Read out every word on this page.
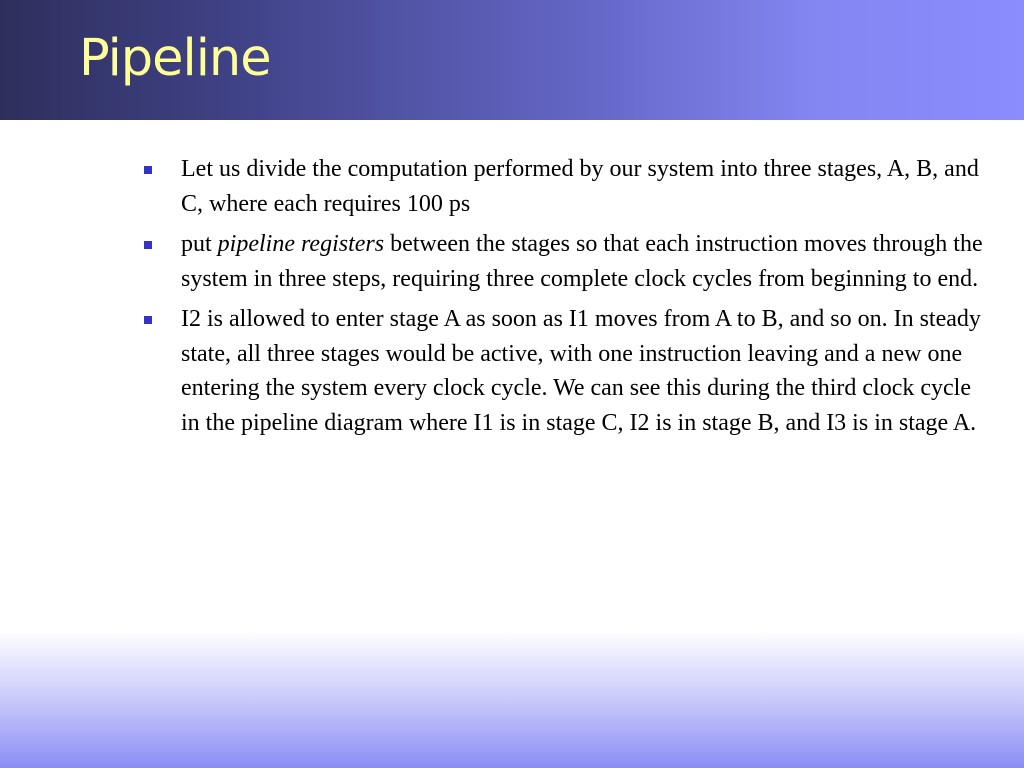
Pipeline
Let us divide the computation performed by our system into three stages, A, B, and C, where each requires 100 ps
put pipeline registers between the stages so that each instruction moves through the system in three steps, requiring three complete clock cycles from beginning to end.
I2 is allowed to enter stage A as soon as I1 moves from A to B, and so on. In steady state, all three stages would be active, with one instruction leaving and a new one entering the system every clock cycle. We can see this during the third clock cycle in the pipeline diagram where I1 is in stage C, I2 is in stage B, and I3 is in stage A.
